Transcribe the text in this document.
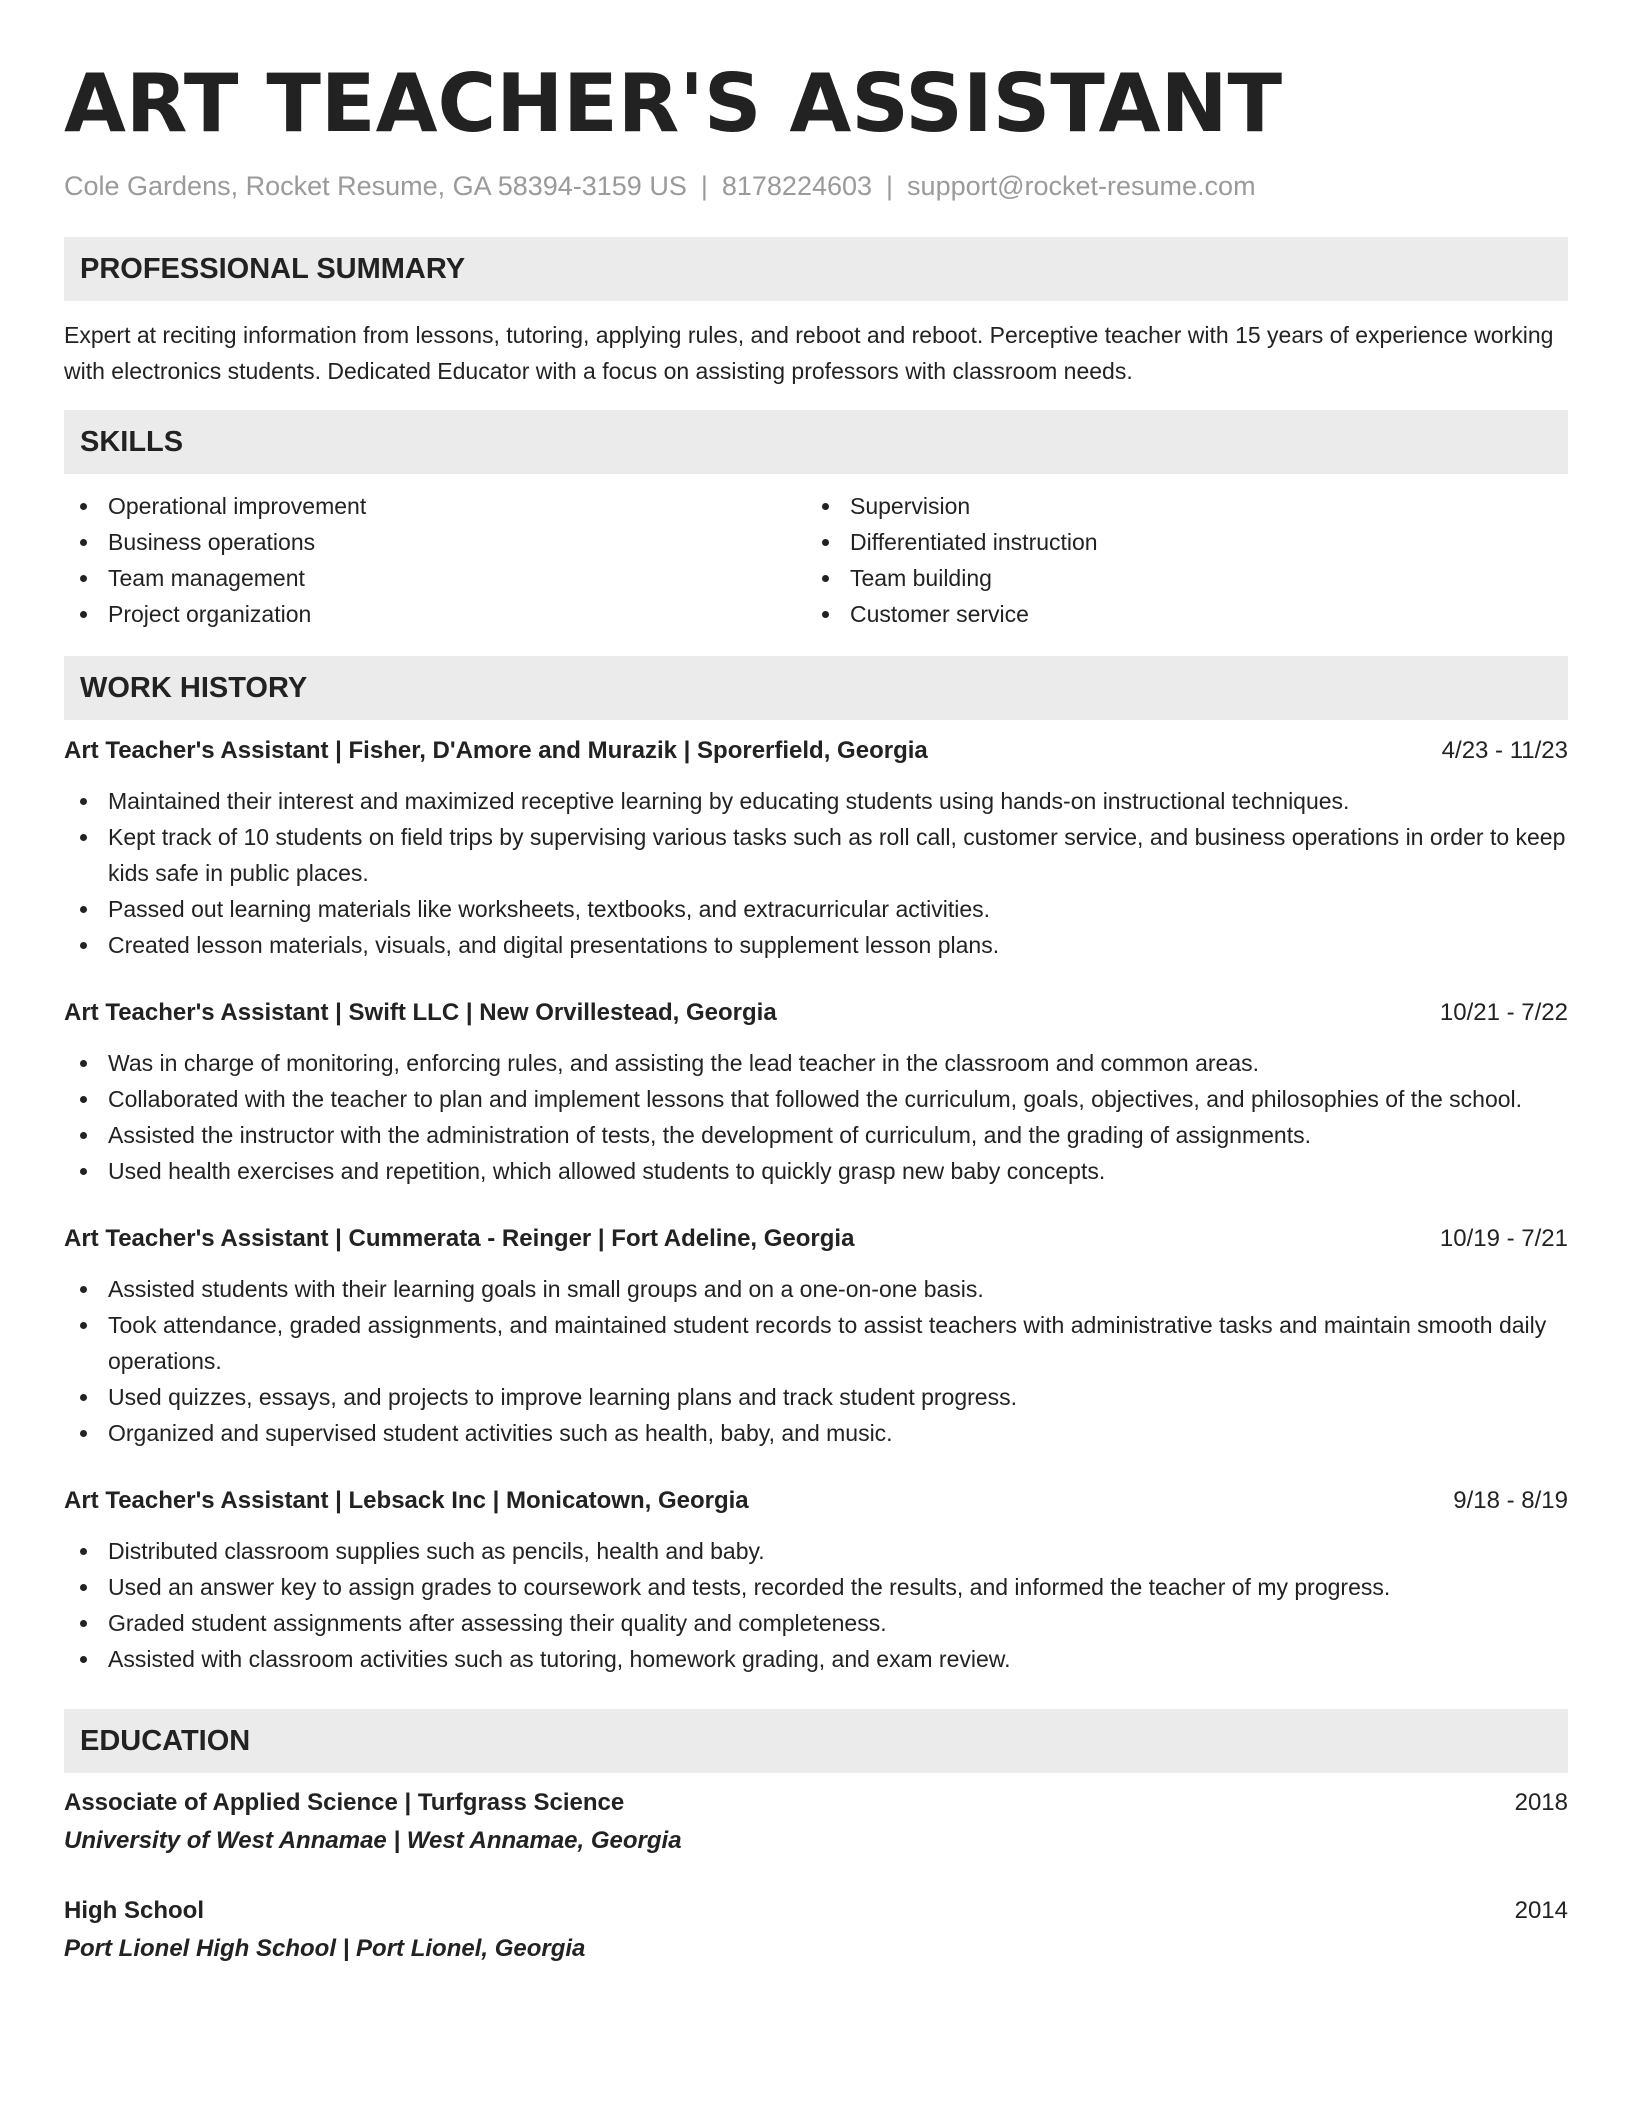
ART TEACHER'S ASSISTANT
Cole Gardens, Rocket Resume, GA 58394-3159 US | 8178224603 | support@rocket-resume.com
PROFESSIONAL SUMMARY

Expert at reciting information from lessons, tutoring, applying rules, and reboot and reboot. Perceptive teacher with 15 years of experience working with electronics students. Dedicated Educator with a focus on assisting professors with classroom needs.

SKILLS
Operational improvement
Business operations
Team management
Project organization
Supervision
Differentiated instruction
Team building
Customer service
WORK HISTORY
Art Teacher's Assistant | Fisher, D'Amore and Murazik | Sporerfield, Georgia	4/23 - 11/23
Maintained their interest and maximized receptive learning by educating students using hands-on instructional techniques.
Kept track of 10 students on field trips by supervising various tasks such as roll call, customer service, and business operations in order to keep kids safe in public places.
Passed out learning materials like worksheets, textbooks, and extracurricular activities.
Created lesson materials, visuals, and digital presentations to supplement lesson plans.
Art Teacher's Assistant | Swift LLC | New Orvillestead, Georgia	10/21 - 7/22
Was in charge of monitoring, enforcing rules, and assisting the lead teacher in the classroom and common areas.
Collaborated with the teacher to plan and implement lessons that followed the curriculum, goals, objectives, and philosophies of the school.
Assisted the instructor with the administration of tests, the development of curriculum, and the grading of assignments.
Used health exercises and repetition, which allowed students to quickly grasp new baby concepts.
Art Teacher's Assistant | Cummerata - Reinger | Fort Adeline, Georgia	10/19 - 7/21
Assisted students with their learning goals in small groups and on a one-on-one basis.
Took attendance, graded assignments, and maintained student records to assist teachers with administrative tasks and maintain smooth daily operations.
Used quizzes, essays, and projects to improve learning plans and track student progress.
Organized and supervised student activities such as health, baby, and music.
Art Teacher's Assistant | Lebsack Inc | Monicatown, Georgia	9/18 - 8/19
Distributed classroom supplies such as pencils, health and baby.
Used an answer key to assign grades to coursework and tests, recorded the results, and informed the teacher of my progress.
Graded student assignments after assessing their quality and completeness.
Assisted with classroom activities such as tutoring, homework grading, and exam review.
EDUCATION
Associate of Applied Science | Turfgrass Science	2018
University of West Annamae | West Annamae, Georgia
High School	2014
Port Lionel High School | Port Lionel, Georgia
